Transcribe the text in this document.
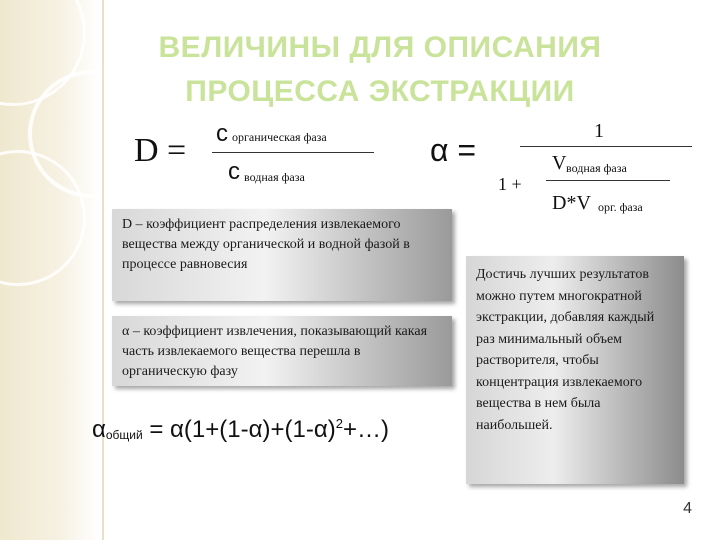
ВЕЛИЧИНЫ ДЛЯ ОПИСАНИЯ
ПРОЦЕССА ЭКСТРАКЦИИ
D = c органическая фаза
c водная фаза
α =
1
1 +
V водная фаза
D*V орг. фаза
D – коэффициент распределения извлекаемого вещества между органической и водной фазой в процессе равновесия
α – коэффициент извлечения, показывающий какая часть извлекаемого вещества перешла в органическую фазу
Достичь лучших результатов можно путем многократной экстракции, добавляя каждый раз минимальный объем растворителя, чтобы концентрация извлекаемого вещества в нем была наибольшей.
$\alpha_{общий}$ = $\alpha(1+(1-\alpha)+(1-\alpha)^2+\dots)$
4
